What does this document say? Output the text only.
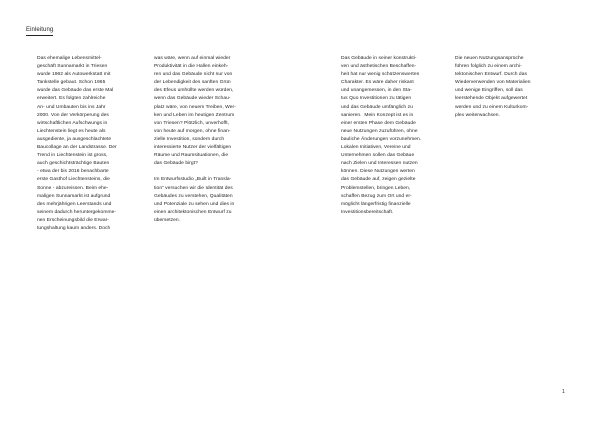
Einleitung

Das ehemalige Lebensmittel-
geschäft Sunnamarkt in Triesen
wurde 1962 als Autowerkstatt mit
Tankstelle gebaut. Schon 1965
wurde das Gebäude das erste Mal
erweitert. Es folgten zahlreiche
An- und Umbauten bis ins Jahr
2000. Von der Verkörperung des
wirtschaftlichen Aufschwungs in
Liechtenstein liegt es heute als
ausgediente, ja ausgeschlachtete
Baucollage an der Landstrasse. Der
Trend in Liechtenstein ist gross,
auch geschichtsträchtige Bauten
- etwa der bis 2016 benachbarte
erste Gasthof Liechtensteins, die
Sonne - abzureissen. Beim ehe-
maligen Sunnamarkt ist aufgrund
des mehrjährigen Leerstands und
seinem dadurch heruntergekomme-
nen Erscheinungsbild die Erwar-
tungshaltung kaum anders. Doch

was wäre, wenn auf einmal wieder
Produktivität in die Hallen einkeh-
ren und das Gebäude nicht nur von
der Lebendigkeit des sanften Grün
des Efeus umhüllte werden würden,
wenn das Gebäude wieder Schau-
platz wäre, von neuem Treiben, Wer-
ken und Leben im heutigen Zentrum
von Triesen? Plötzlich, unverhofft,
von heute auf morgen, ohne finan-
zielle Investition, sondern durch
interessierte Nutzer der vielfältigen
Räume und Raumsituationen, die
das Gebäude birgt?

Im Entwurfsstudio „Built in Transla-
tion“ versuchen wir die Identität des
Gebäudes zu verstehen, Qualitäten
und Potenziale zu sehen und dies in
einen architektonischen Entwurf zu
übersetzen.

Das Gebäude in seiner konstrukti-
ven und ästhetischen Beschaffen-
heit hat nur wenig schützenswerten
Charakter. Es wäre daher riskant
und unangemessen, in den Sta-
tus Quo Investitionen zu tätigen
und das Gebäude umfänglich zu
sanieren.  Mein Konzept ist es in
einer ersten Phase dem Gebäude
neue Nutzungen zuzuführen, ohne
bauliche Änderungen vorzunehmen.
Lokalen Initiativen, Vereine und
Unternehmen sollen das Gebäue
nach Zielen und Interessen nutzen
können. Diese Nutzungen werten
das Gebäude auf, zeigen gezielte
Problemstellen, bringen Leben,
schaffen Bezug zum Ort und er-
möglicht längerfristig finanzielle
Investitionsbereitschaft.

Die neuen Nutzungsansprüche
führen folglich zu einem archi-
tektonischen Entwurf. Durch das
Wiederverwenden von Materialien
und wenige Eingriffen, soll das
leerstehende Objekt aufgewertet
werden und zu einem Kulturkom-
plex weiterwachsen.

1
